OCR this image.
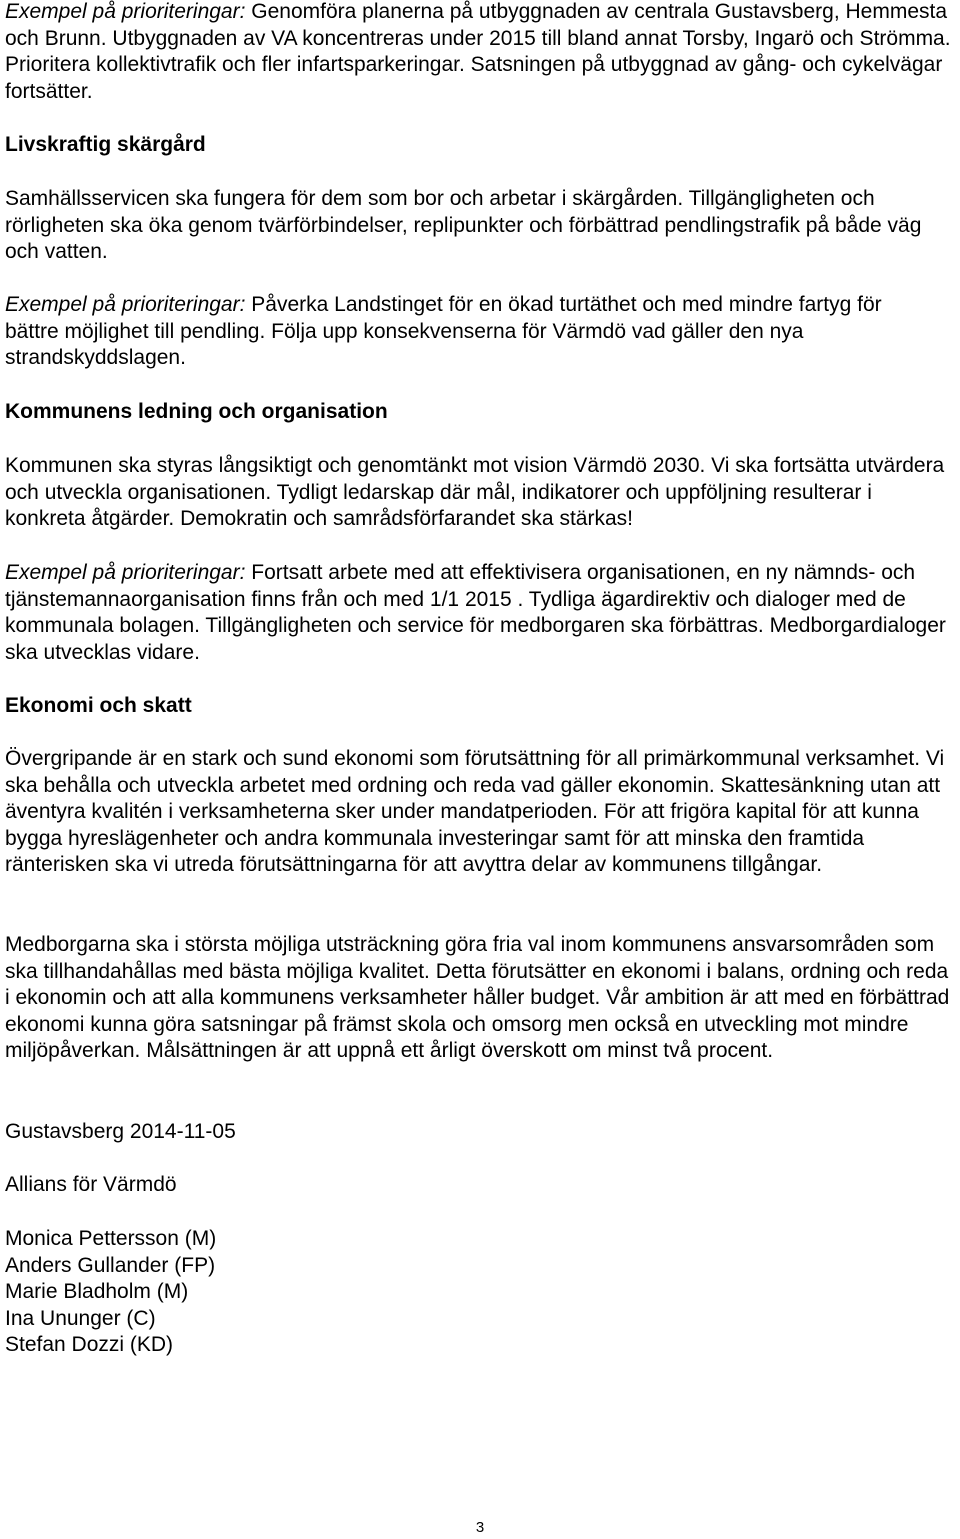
Exempel på prioriteringar: Genomföra planerna på utbyggnaden av centrala Gustavsberg, Hemmesta och Brunn. Utbyggnaden av VA koncentreras under 2015 till bland annat Torsby, Ingarö och Strömma. Prioritera kollektivtrafik och fler infartsparkeringar. Satsningen på utbyggnad av gång- och cykelvägar fortsätter.

Livskraftig skärgård

Samhällsservicen ska fungera för dem som bor och arbetar i skärgården. Tillgängligheten och rörligheten ska öka genom tvärförbindelser, replipunkter och förbättrad pendlingstrafik på både väg och vatten.

Exempel på prioriteringar: Påverka Landstinget för en ökad turtäthet och med mindre fartyg för bättre möjlighet till pendling. Följa upp konsekvenserna för Värmdö vad gäller den nya strandskyddslagen.

Kommunens ledning och organisation

Kommunen ska styras långsiktigt och genomtänkt mot vision Värmdö 2030. Vi ska fortsätta utvärdera och utveckla organisationen. Tydligt ledarskap där mål, indikatorer och uppföljning resulterar i konkreta åtgärder. Demokratin och samrådsförfarandet ska stärkas!

Exempel på prioriteringar: Fortsatt arbete med att effektivisera organisationen, en ny nämnds- och tjänstemannaorganisation finns från och med 1/1 2015 . Tydliga ägardirektiv och dialoger med de kommunala bolagen. Tillgängligheten och service för medborgaren ska förbättras. Medborgardialoger ska utvecklas vidare.

Ekonomi och skatt

Övergripande är en stark och sund ekonomi som förutsättning för all primärkommunal verksamhet. Vi ska behålla och utveckla arbetet med ordning och reda vad gäller ekonomin. Skattesänkning utan att äventyra kvalitén i verksamheterna sker under mandatperioden. För att frigöra kapital för att kunna bygga hyreslägenheter och andra kommunala investeringar samt för att minska den framtida ränterisken ska vi utreda förutsättningarna för att avyttra delar av kommunens tillgångar.

Medborgarna ska i största möjliga utsträckning göra fria val inom kommunens ansvarsområden som ska tillhandahållas med bästa möjliga kvalitet. Detta förutsätter en ekonomi i balans, ordning och reda i ekonomin och att alla kommunens verksamheter håller budget. Vår ambition är att med en förbättrad ekonomi kunna göra satsningar på främst skola och omsorg men också en utveckling mot mindre miljöpåverkan. Målsättningen är att uppnå ett årligt överskott om minst två procent.

Gustavsberg 2014-11-05

Allians för Värmdö

Monica Pettersson (M)

Anders Gullander (FP)

Marie Bladholm (M)

Ina Ununger (C)

Stefan Dozzi (KD)

3
